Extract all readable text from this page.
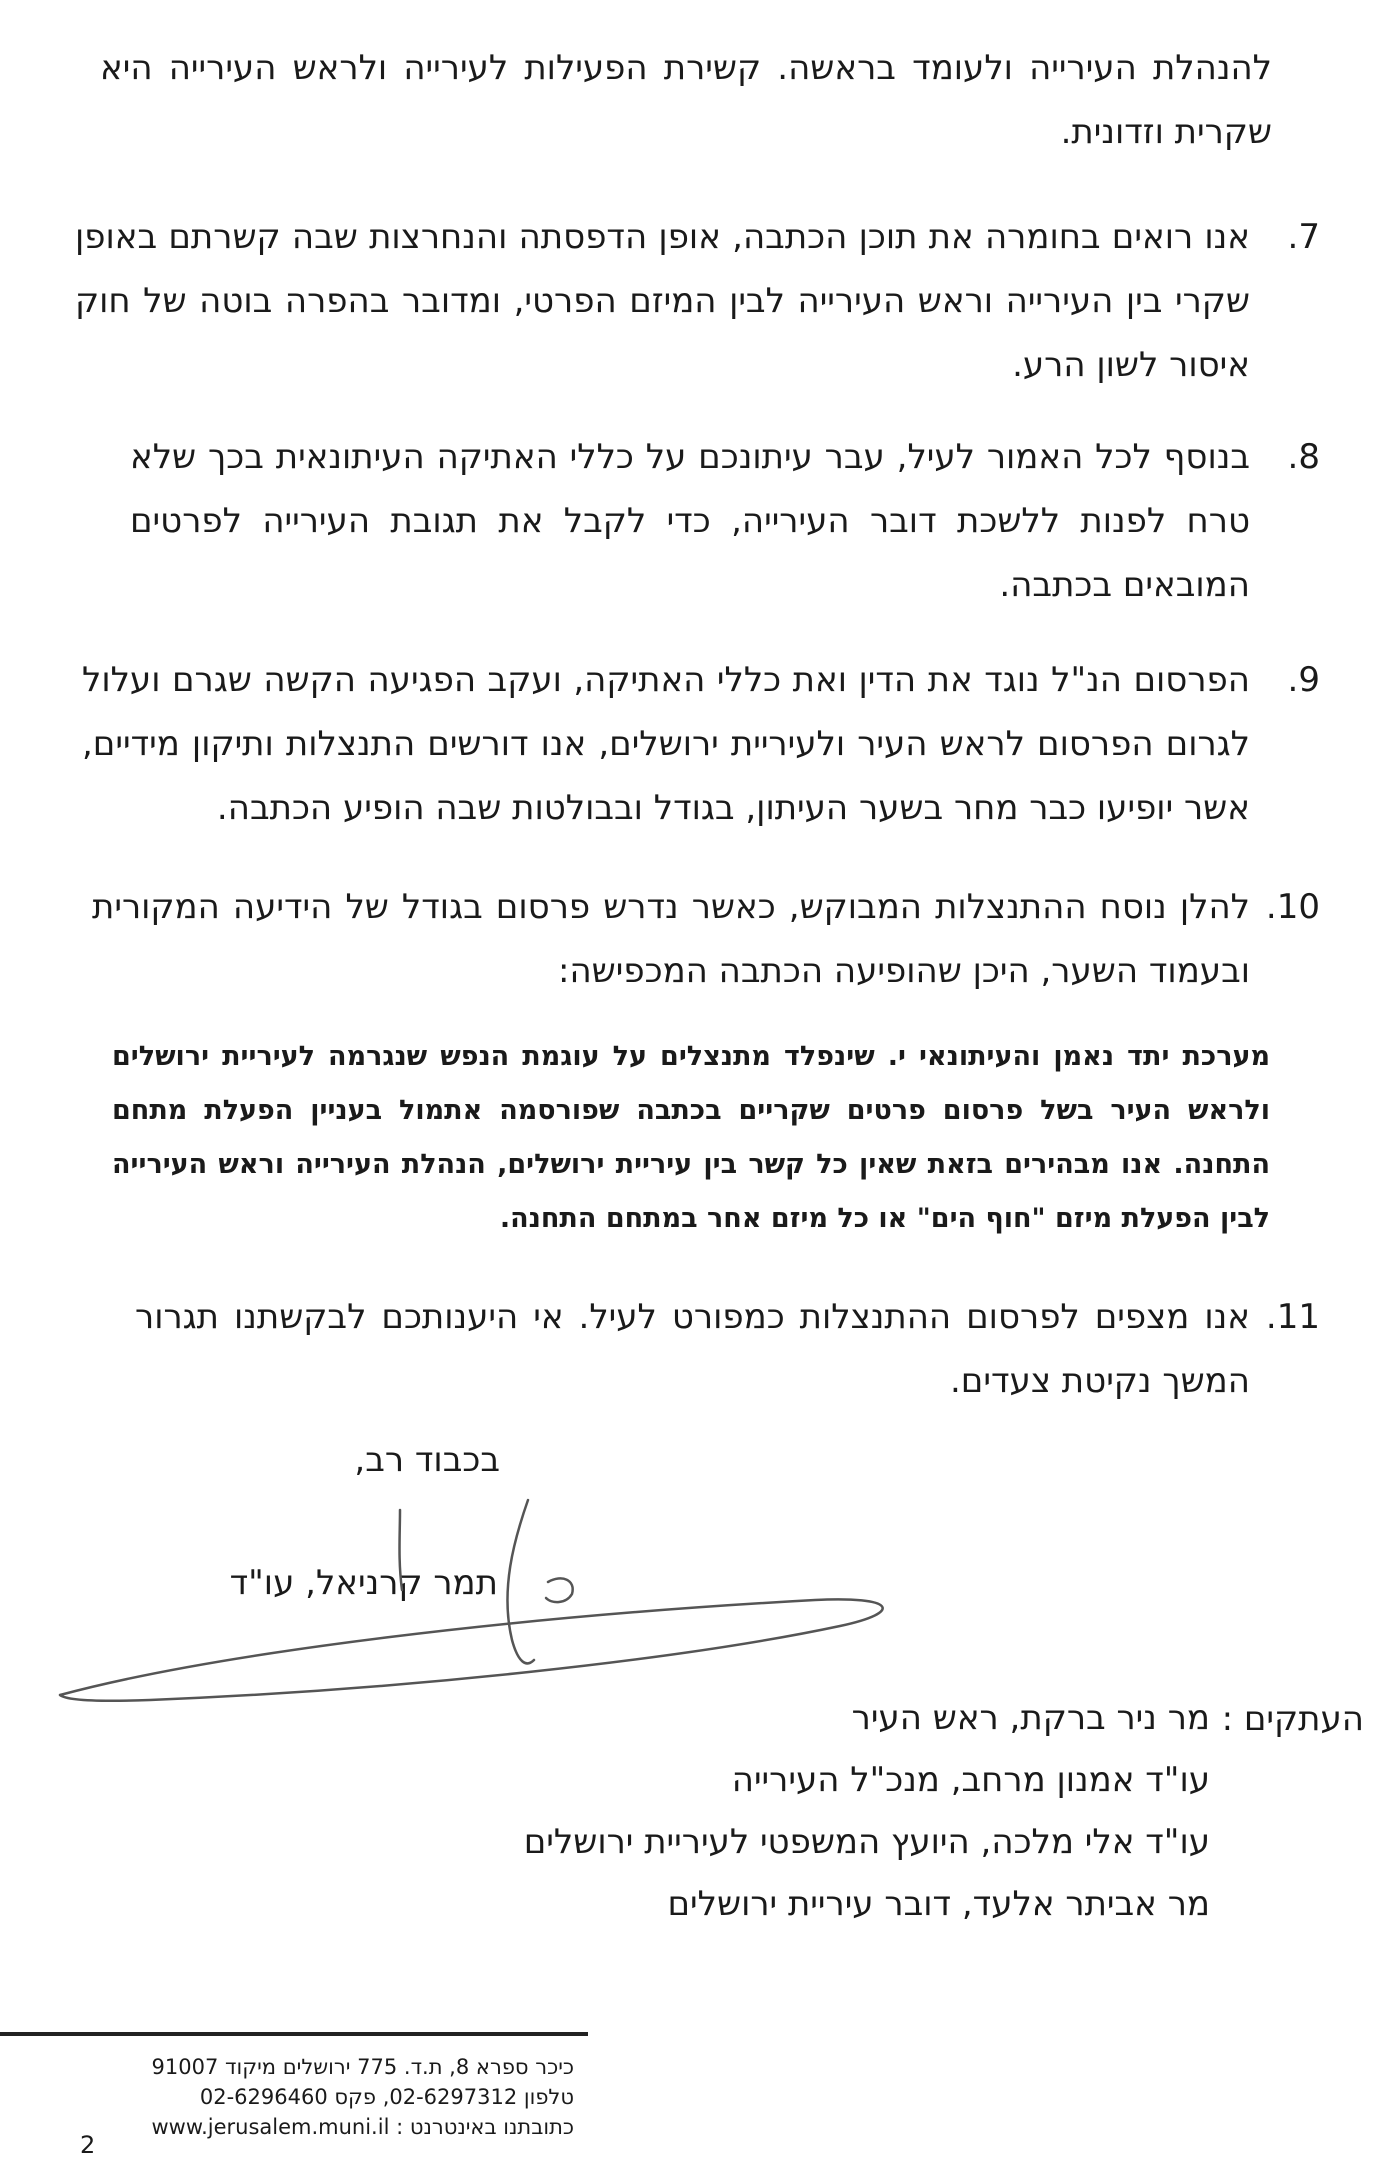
להנהלת העירייה ולעומד בראשה. קשירת הפעילות לעירייה ולראש העירייה היא שקרית וזדונית.
7.
אנו רואים בחומרה את תוכן הכתבה, אופן הדפסתה והנחרצות שבה קשרתם באופן שקרי בין העירייה וראש העירייה לבין המיזם הפרטי, ומדובר בהפרה בוטה של חוק איסור לשון הרע.
8.
בנוסף לכל האמור לעיל, עבר עיתונכם על כללי האתיקה העיתונאית בכך שלא טרח לפנות ללשכת דובר העירייה, כדי לקבל את תגובת העירייה לפרטים המובאים בכתבה.
9.
הפרסום הנ"ל נוגד את הדין ואת כללי האתיקה, ועקב הפגיעה הקשה שגרם ועלול לגרום הפרסום לראש העיר ולעיריית ירושלים, אנו דורשים התנצלות ותיקון מידיים, אשר יופיעו כבר מחר בשער העיתון, בגודל ובבולטות שבה הופיע הכתבה.
10.
להלן נוסח ההתנצלות המבוקש, כאשר נדרש פרסום בגודל של הידיעה המקורית ובעמוד השער, היכן שהופיעה הכתבה המכפישה:
מערכת יתד נאמן והעיתונאי י. שינפלד מתנצלים על עוגמת הנפש שנגרמה לעיריית ירושלים ולראש העיר בשל פרסום פרטים שקריים בכתבה שפורסמה אתמול בעניין הפעלת מתחם התחנה. אנו מבהירים בזאת שאין כל קשר בין עיריית ירושלים, הנהלת העירייה וראש העירייה לבין הפעלת מיזם "חוף הים" או כל מיזם אחר במתחם התחנה.
11.
אנו מצפים לפרסום ההתנצלות כמפורט לעיל. אי היענותכם לבקשתנו תגרור המשך נקיטת צעדים.
בכבוד רב,
תמר קרניאל, עו"ד
העתקים :
מר ניר ברקת, ראש העיר
עו"ד אמנון מרחב, מנכ"ל העירייה
עו"ד אלי מלכה, היועץ המשפטי לעיריית ירושלים
מר אביתר אלעד, דובר עיריית ירושלים
כיכר ספרא 8, ת.ד. 775 ירושלים מיקוד 91007
טלפון 02-6297312, פקס 02-6296460
כתובתנו באינטרנט : www.jerusalem.muni.il
2
